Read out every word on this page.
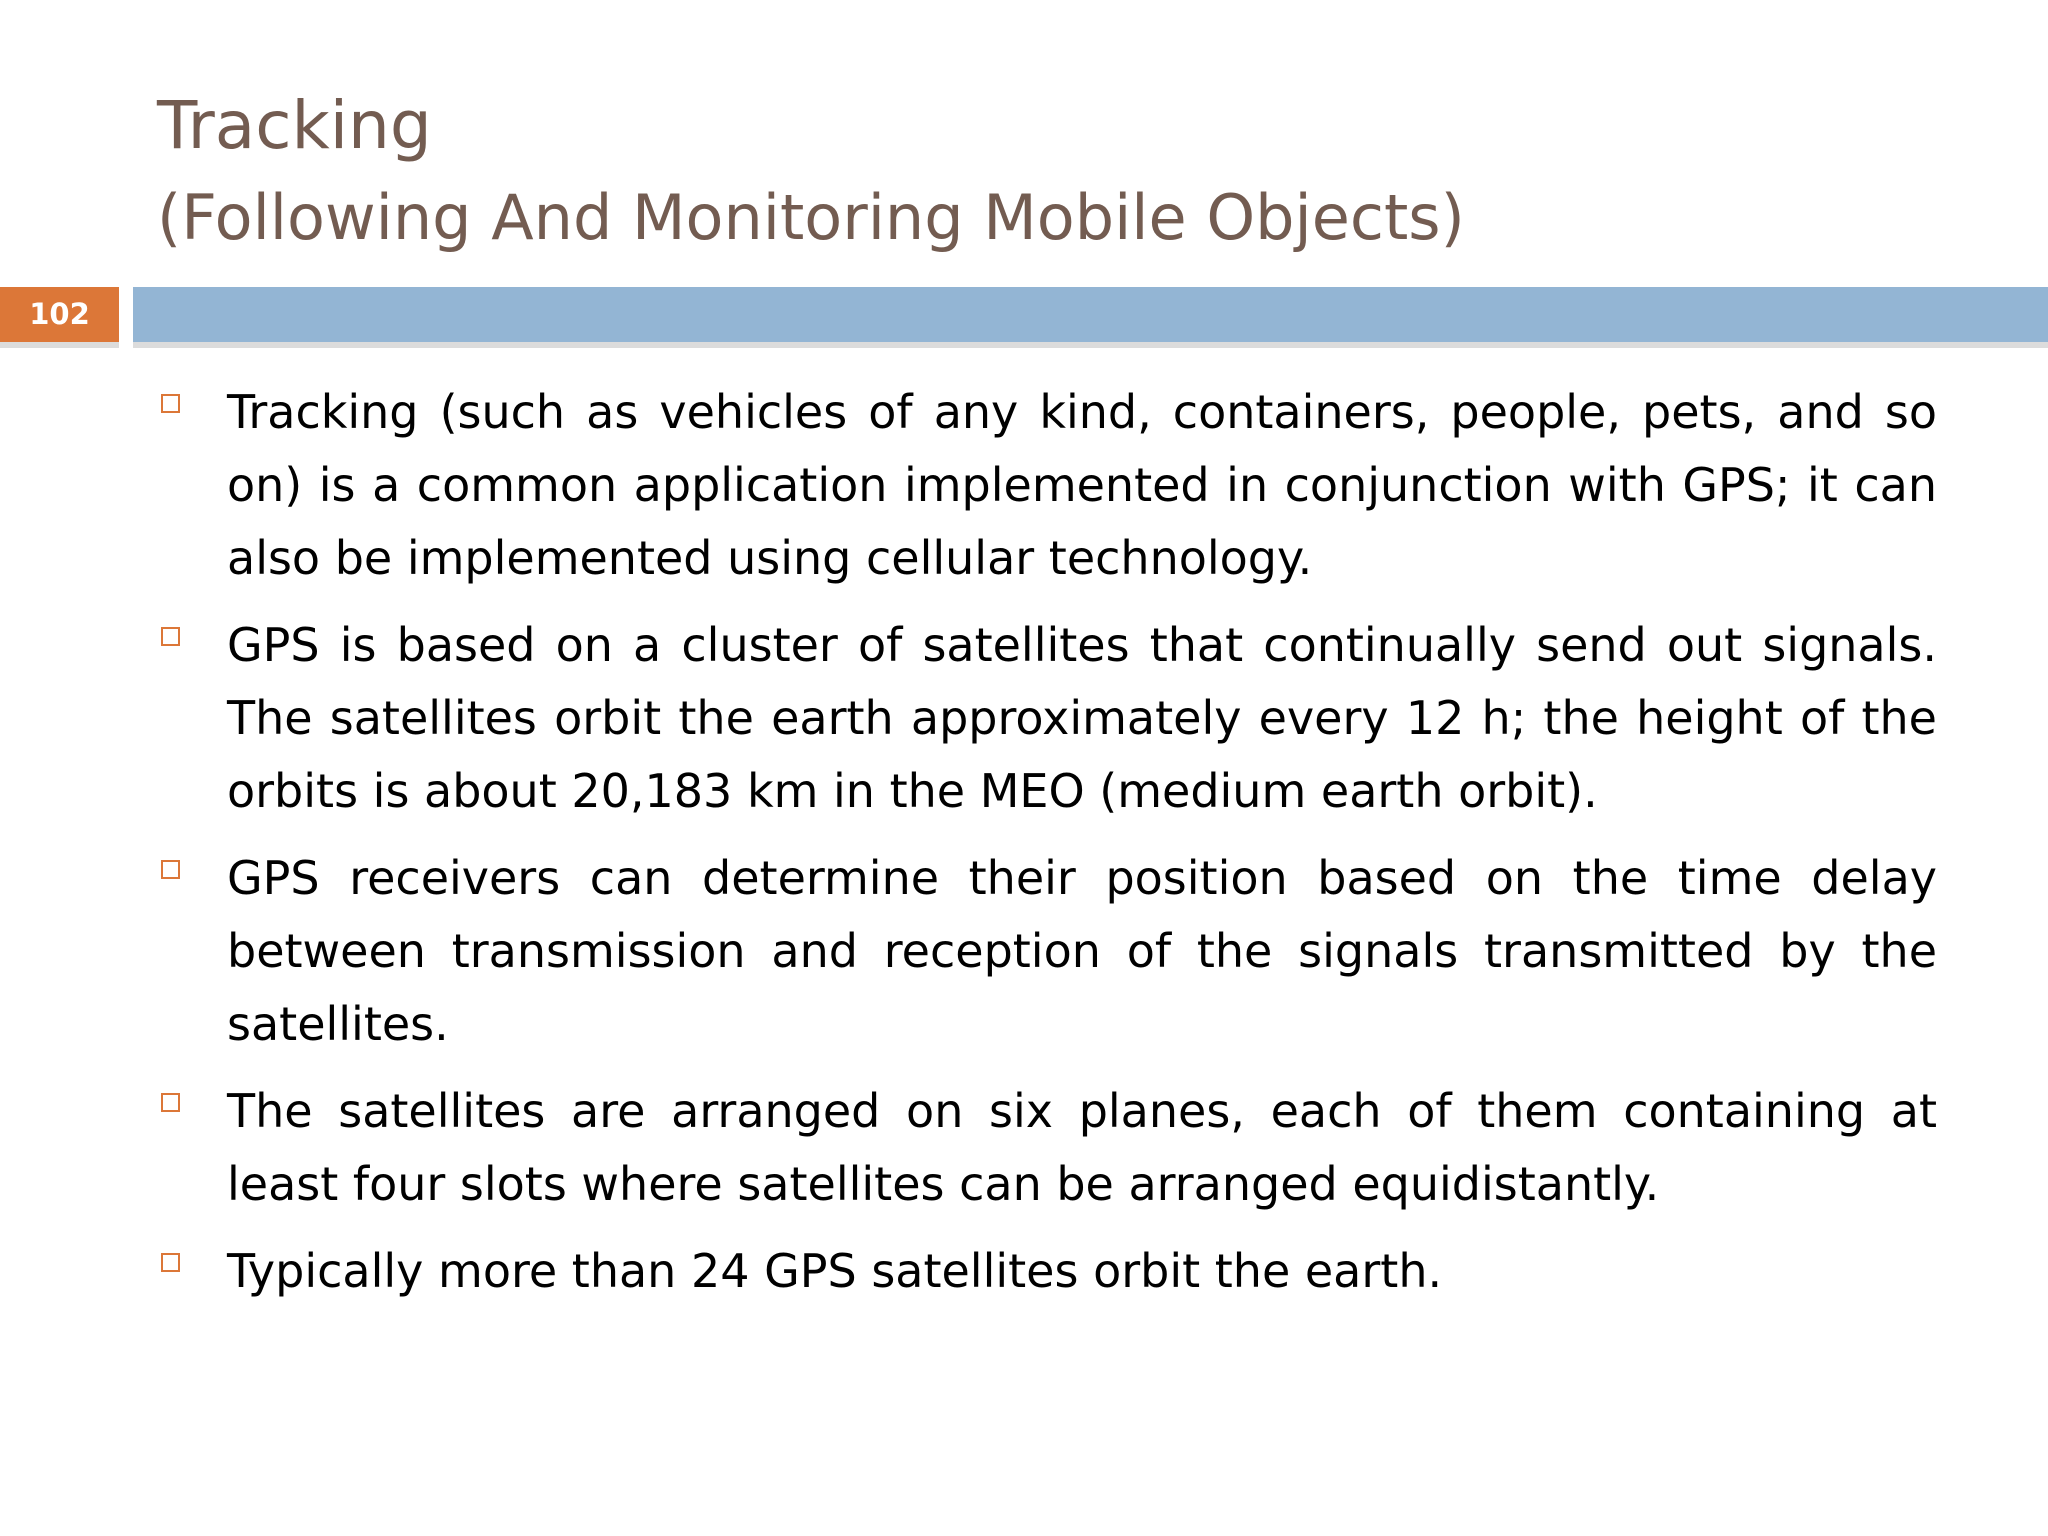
Tracking
(Following And Monitoring Mobile Objects)
102
Tracking (such as vehicles of any kind, containers, people, pets, and so on) is a common application implemented in conjunction with GPS; it can also be implemented using cellular technology.
GPS is based on a cluster of satellites that continually send out signals. The satellites orbit the earth approximately every 12 h; the height of the orbits is about 20,183 km in the MEO (medium earth orbit).
GPS receivers can determine their position based on the time delay between transmission and reception of the signals transmitted by the satellites.
The satellites are arranged on six planes, each of them containing at least four slots where satellites can be arranged equidistantly.
Typically more than 24 GPS satellites orbit the earth.
